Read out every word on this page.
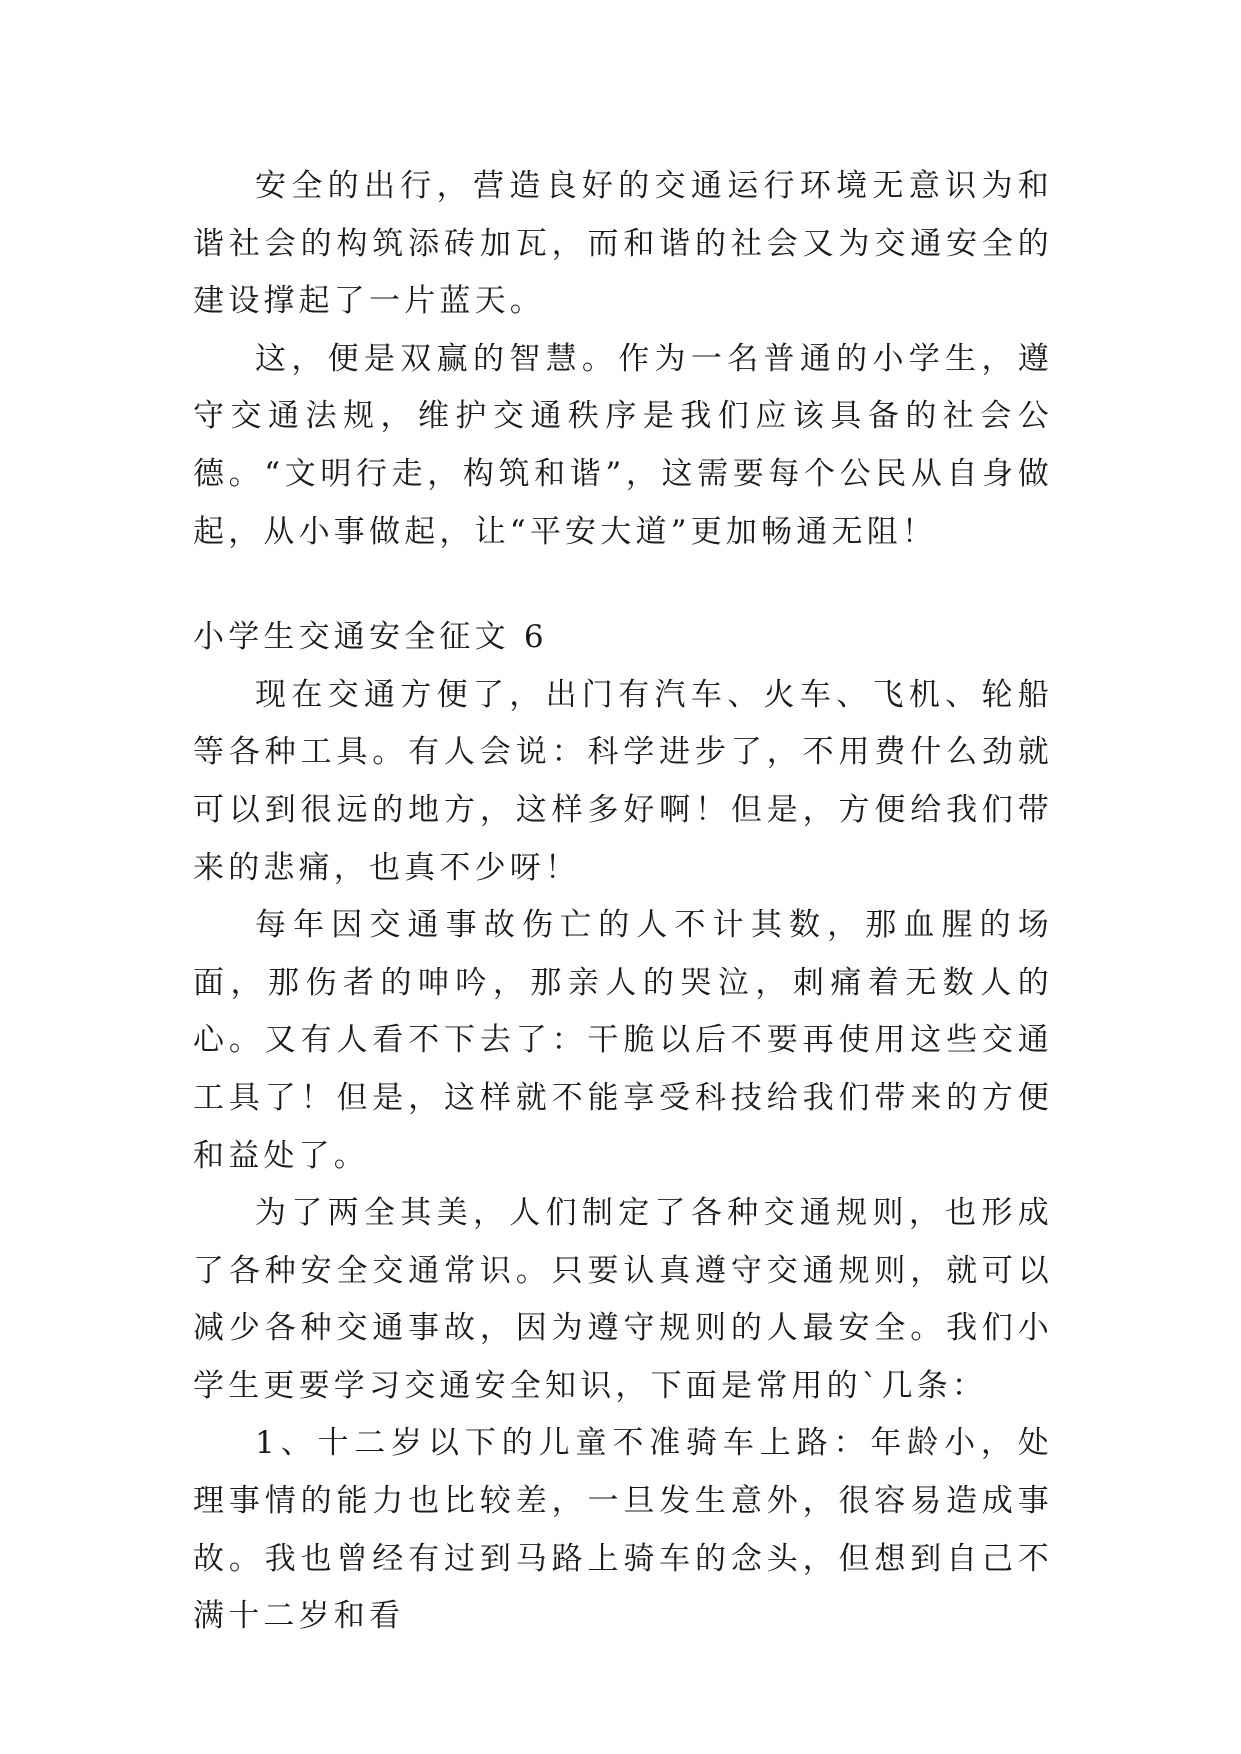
安全的出行，营造良好的交通运行环境无意识为和谐社会的构筑添砖加瓦，而和谐的社会又为交通安全的建设撑起了一片蓝天。

这，便是双赢的智慧。作为一名普通的小学生，遵守交通法规，维护交通秩序是我们应该具备的社会公德。“文明行走，构筑和谐”，这需要每个公民从自身做起，从小事做起，让“平安大道”更加畅通无阻！

小学生交通安全征文 6

现在交通方便了，出门有汽车、火车、飞机、轮船等各种工具。有人会说：科学进步了，不用费什么劲就可以到很远的地方，这样多好啊！但是，方便给我们带来的悲痛，也真不少呀！

每年因交通事故伤亡的人不计其数，那血腥的场面，那伤者的呻吟，那亲人的哭泣，刺痛着无数人的心。又有人看不下去了：干脆以后不要再使用这些交通工具了！但是，这样就不能享受科技给我们带来的方便和益处了。

为了两全其美，人们制定了各种交通规则，也形成了各种安全交通常识。只要认真遵守交通规则，就可以减少各种交通事故，因为遵守规则的人最安全。我们小学生更要学习交通安全知识，下面是常用的`几条：

1、十二岁以下的儿童不准骑车上路：年龄小，处理事情的能力也比较差，一旦发生意外，很容易造成事故。我也曾经有过到马路上骑车的念头，但想到自己不满十二岁和看
